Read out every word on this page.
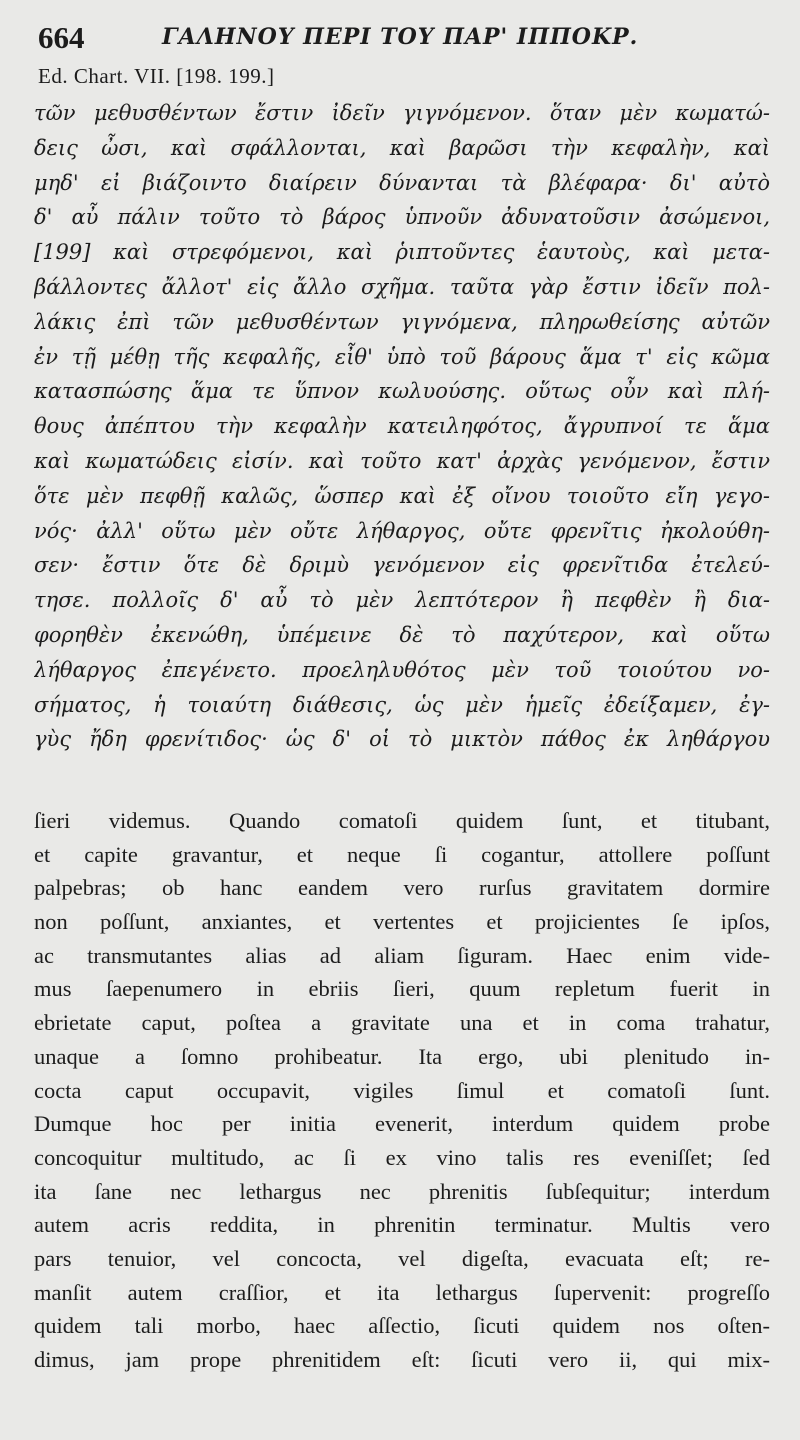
664	ΓΑΛΗΝΟΥ ΠΕΡΙ ΤΟΥ ΠΑΡ' ΙΠΠΟΚΡ.
Ed. Chart. VII. [198. 199.]
τῶν μεθυσθέντων ἔστιν ἰδεῖν γιγνόμενον. ὅταν μὲν κωματώ-
δεις ὦσι, καὶ σφάλλονται, καὶ βαρῶσι τὴν κεφαλὴν, καὶ
μηδ' εἰ βιάζοιντο διαίρειν δύνανται τὰ βλέφαρα· δι' αὐτὸ
δ' αὖ πάλιν τοῦτο τὸ βάρος ὑπνοῦν ἀδυνατοῦσιν ἀσώμενοι,
[199] καὶ στρεφόμενοι, καὶ ῥιπτοῦντες ἑαυτοὺς, καὶ μετα-
βάλλοντες ἄλλοτ' εἰς ἄλλο σχῆμα. ταῦτα γὰρ ἔστιν ἰδεῖν πολ-
λάκις ἐπὶ τῶν μεθυσθέντων γιγνόμενα, πληρωθείσης αὐτῶν
ἐν τῇ μέθῃ τῆς κεφαλῆς, εἶθ' ὑπὸ τοῦ βάρους ἅμα τ' εἰς κῶμα
κατασπώσης ἅμα τε ὕπνον κωλυούσης. οὕτως οὖν καὶ πλή-
θους ἀπέπτου τὴν κεφαλὴν κατειληφότος, ἄγρυπνοί τε ἅμα
καὶ κωματώδεις εἰσίν. καὶ τοῦτο κατ' ἀρχὰς γενόμενον, ἔστιν
ὅτε μὲν πεφθῇ καλῶς, ὥσπερ καὶ ἐξ οἴνου τοιοῦτο εἴη γεγο-
νός· ἀλλ' οὕτω μὲν οὔτε λήθαργος, οὔτε φρενῖτις ἠκολούθη-
σεν· ἔστιν ὅτε δὲ δριμὺ γενόμενον εἰς φρενῖτιδα ἐτελεύ-
τησε. πολλοῖς δ' αὖ τὸ μὲν λεπτότερον ἢ πεφθὲν ἢ δια-
φορηθὲν ἐκενώθη, ὑπέμεινε δὲ τὸ παχύτερον, καὶ οὕτω
λήθαργος ἐπεγένετο. προεληλυθότος μὲν τοῦ τοιούτου νο-
σήματος, ἡ τοιαύτη διάθεσις, ὡς μὲν ἡμεῖς ἐδείξαμεν, ἐγ-
γὺς ἤδη φρενίτιδος· ὡς δ' οἱ τὸ μικτὸν πάθος ἐκ ληθάργου
ſieri videmus. Quando comatoſi quidem ſunt, et titubant,
et capite gravantur, et neque ſi cogantur, attollere poſſunt
palpebras; ob hanc eandem vero rurſus gravitatem dormire
non poſſunt, anxiantes, et vertentes et projicientes ſe ipſos,
ac transmutantes alias ad aliam ſiguram. Haec enim vide-
mus ſaepenumero in ebriis ſieri, quum repletum fuerit in
ebrietate caput, poſtea a gravitate una et in coma trahatur,
unaque a ſomno prohibeatur. Ita ergo, ubi plenitudo in-
cocta caput occupavit, vigiles ſimul et comatoſi ſunt.
Dumque hoc per initia evenerit, interdum quidem probe
concoquitur multitudo, ac ſi ex vino talis res eveniſſet; ſed
ita ſane nec lethargus nec phrenitis ſubſequitur; interdum
autem acris reddita, in phrenitin terminatur. Multis vero
pars tenuior, vel concocta, vel digeſta, evacuata eſt; re-
manſit autem craſſior, et ita lethargus ſupervenit: progreſſo
quidem tali morbo, haec aſſectio, ſicuti quidem nos oſten-
dimus, jam prope phrenitidem eſt: ſicuti vero ii, qui mix-
